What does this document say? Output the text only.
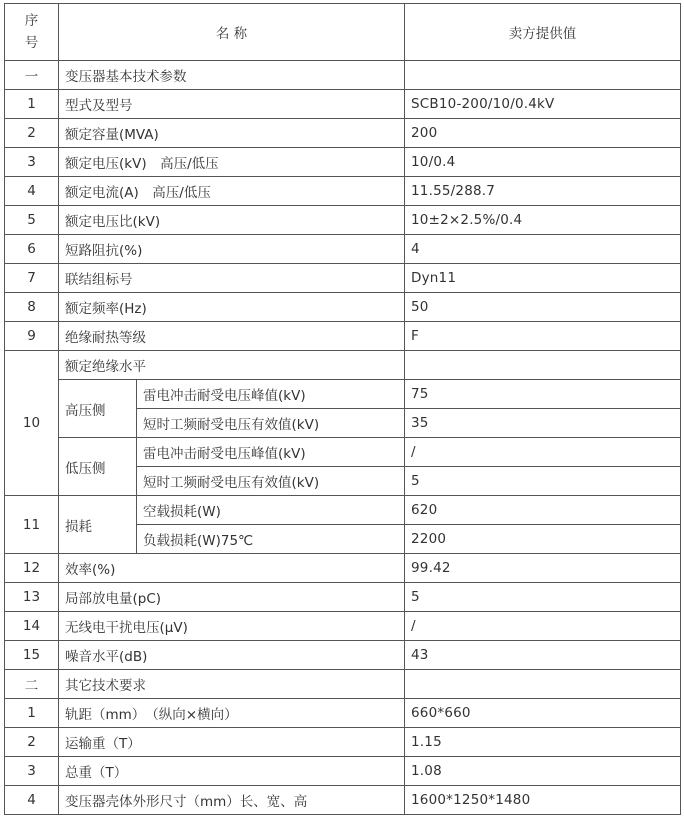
序
号	名 称		卖方提供值
一	变压器基本技术参数		
1	型式及型号		SCB10-200/10/0.4kV
2	额定容量(MVA)		200
3	额定电压(kV)　高压/低压		10/0.4
4	额定电流(A)　高压/低压		11.55/288.7
5	额定电压比(kV)		10±2×2.5%/0.4
6	短路阻抗(%)		4
7	联结组标号		Dyn11
8	额定频率(Hz)		50
9	绝缘耐热等级		F
10	额定绝缘水平		
	高压侧	雷电冲击耐受电压峰值(kV)	75
		短时工频耐受电压有效值(kV)	35
	低压侧	雷电冲击耐受电压峰值(kV)	/
		短时工频耐受电压有效值(kV)	5
11	损耗	空载损耗(W)	620
		负载损耗(W)75℃	2200
12	效率(%)		99.42
13	局部放电量(pC)		5
14	无线电干扰电压(μV)		/
15	噪音水平(dB)		43
二	其它技术要求		
1	轨距（mm）　（纵向×横向）		660*660
2	运输重（T）		1.15
3	总重（T）		1.08
4	变压器壳体外形尺寸（mm）长、宽、高		1600*1250*1480
